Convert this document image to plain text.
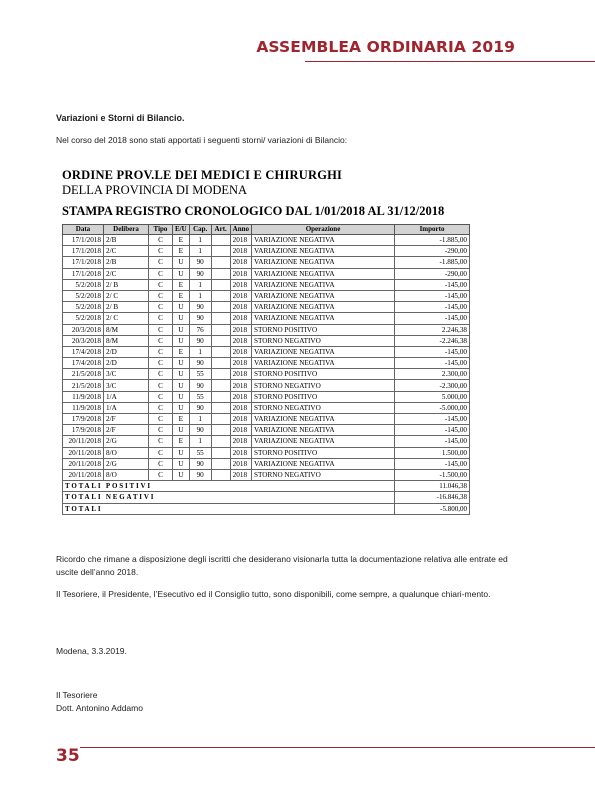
ASSEMBLEA ORDINARIA 2019
Variazioni e Storni di Bilancio.
Nel corso del 2018 sono stati apportati i seguenti storni/ variazioni di Bilancio:
ORDINE PROV.LE DEI MEDICI E CHIRURGHI
DELLA PROVINCIA DI MODENA
STAMPA REGISTRO CRONOLOGICO DAL 1/01/2018 AL 31/12/2018
Data	Delibera	Tipo	E/U	Cap.	Art.	Anno	Operazione	Importo
17/1/2018	2/B	C	E	1		2018	VARIAZIONE NEGATIVA	-1.885,00
17/1/2018	2/C	C	E	1		2018	VARIAZIONE NEGATIVA	-290,00
17/1/2018	2/B	C	U	90		2018	VARIAZIONE NEGATIVA	-1.885,00
17/1/2018	2/C	C	U	90		2018	VARIAZIONE NEGATIVA	-290,00
5/2/2018	2/ B	C	E	1		2018	VARIAZIONE NEGATIVA	-145,00
5/2/2018	2/ C	C	E	1		2018	VARIAZIONE NEGATIVA	-145,00
5/2/2018	2/ B	C	U	90		2018	VARIAZIONE NEGATIVA	-145,00
5/2/2018	2/ C	C	U	90		2018	VARIAZIONE NEGATIVA	-145,00
20/3/2018	8/M	C	U	76		2018	STORNO POSITIVO	2.246,38
20/3/2018	8/M	C	U	90		2018	STORNO NEGATIVO	-2.246,38
17/4/2018	2/D	C	E	1		2018	VARIAZIONE NEGATIVA	-145,00
17/4/2018	2/D	C	U	90		2018	VARIAZIONE NEGATIVA	-145,00
21/5/2018	3/C	C	U	55		2018	STORNO POSITIVO	2.300,00
21/5/2018	3/C	C	U	90		2018	STORNO NEGATIVO	-2.300,00
11/9/2018	1/A	C	U	55		2018	STORNO POSITIVO	5.000,00
11/9/2018	1/A	C	U	90		2018	STORNO NEGATIVO	-5.000,00
17/9/2018	2/F	C	E	1		2018	VARIAZIONE NEGATIVA	-145,00
17/9/2018	2/F	C	U	90		2018	VARIAZIONE NEGATIVA	-145,00
20/11/2018	2/G	C	E	1		2018	VARIAZIONE NEGATIVA	-145,00
20/11/2018	8/O	C	U	55		2018	STORNO POSITIVO	1.500,00
20/11/2018	2/G	C	U	90		2018	VARIAZIONE NEGATIVA	-145,00
20/11/2018	8/O	C	U	90		2018	STORNO NEGATIVO	-1.500,00
TOTALI POSITIVI								11.046,38
TOTALI NEGATIVI								-16.846,38
TOTALI								-5.800,00
Ricordo che rimane a disposizione degli iscritti che desiderano visionarla tutta la documentazione relativa alle entrate ed uscite dell’anno 2018.
Il Tesoriere, il Presidente, l’Esecutivo ed il Consiglio tutto, sono disponibili, come sempre, a qualunque chiari-mento.
Modena, 3.3.2019.
Il Tesoriere
Dott. Antonino Addamo
35
